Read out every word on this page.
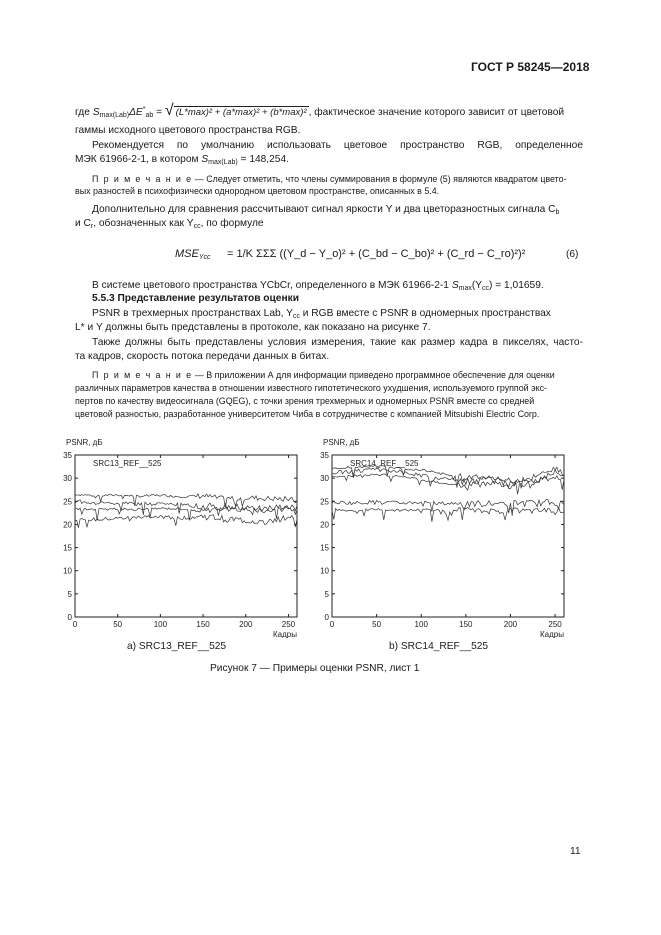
ГОСТ Р 58245—2018
где $S_{max(Lab)}\Delta E^*_{ab}$ = √ (L*max)² + (a*max)² + (b*max)² , фактическое значение которого зависит от цветовой
гаммы исходного цветового пространства RGB.
Рекомендуется по умолчанию использовать цветовое пространство RGB, определенное
МЭК 61966-2-1, в котором $S_{max(Lab)} = 148,254$.
П р и м е ч а н и е — Следует отметить, что члены суммирования в формуле (5) являются квадратом цвето-
вых разностей в психофизически однородном цветовом пространстве, описанных в 5.4.
Дополнительно для сравнения рассчитывают сигнал яркости Y и два цветоразностных сигнала $C_b$
и $C_r$, обозначенных как $Y_{cc}$, по формуле
$MSE_{Ycc} = 1/K$ ΣΣΣ ((Y_d − Y_o)² + (C_bd − C_bo)² + (C_rd − C_ro)²)²	(6)
В системе цветового пространства YCbCr, определенного в МЭК 61966-2-1 $S_{max}(Y_{cc}) = 1,01659$.
5.5.3 Представление результатов оценки
PSNR в трехмерных пространствах Lab, $Y_{cc}$ и RGB вместе с PSNR в одномерных пространствах
L* и Y должны быть представлены в протоколе, как показано на рисунке 7.
Также должны быть представлены условия измерения, такие как размер кадра в пикселях, часто-
та кадров, скорость потока передачи данных в битах.
П р и м е ч а н и е — В приложении А для информации приведено программное обеспечение для оценки
различных параметров качества в отношении известного гипотетического ухудшения, используемого группой экс-
пертов по качеству видеосигнала (GQEG), с точки зрения трехмерных и одномерных PSNR вместе со средней
цветовой разностью, разработанное университетом Чиба в сотрудничестве с компанией Mitsubishi Electric Corp.
PSNR, дБ
0
5
10
15
20
25
30
35
0	50	100	150	200	250
Кадры
SRC13_REF__525
PSNR, дБ
0
5
10
15
20
25
30
35
0	50	100	150	200	250
Кадры
SRC14_REF__525
a) SRC13_REF__525	b) SRC14_REF__525
Рисунок 7 — Примеры оценки PSNR, лист 1
11
